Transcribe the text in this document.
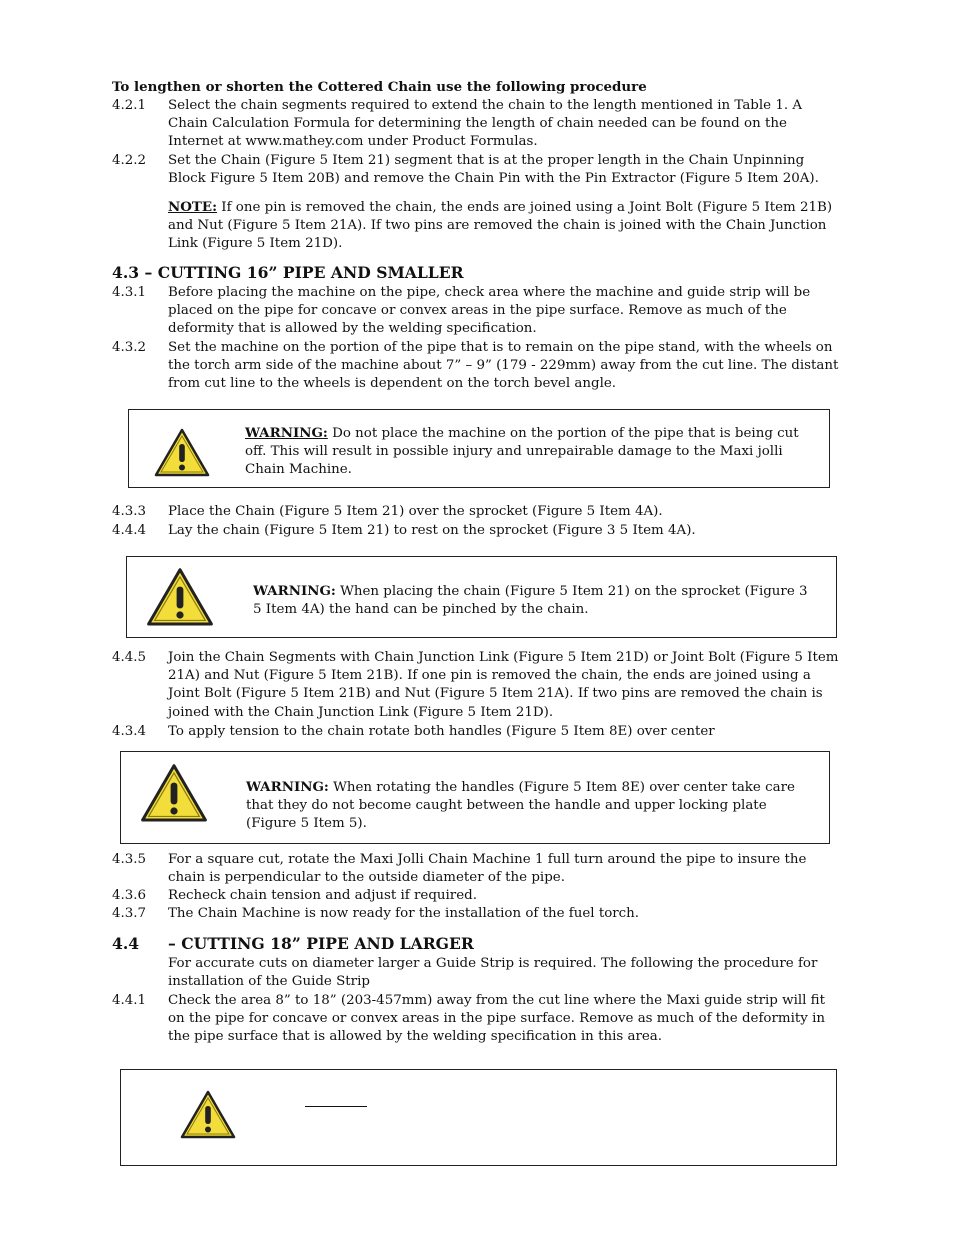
To lengthen or shorten the Cottered Chain use the following procedure
4.2.1	Select the chain segments required to extend the chain to the length mentioned in Table 1. A Chain Calculation Formula for determining the length of chain needed can be found on the Internet at www.mathey.com under Product Formulas.
4.2.2	Set the Chain (Figure 5 Item 21) segment that is at the proper length in the Chain Unpinning Block Figure 5 Item 20B) and remove the Chain Pin with the Pin Extractor (Figure 5 Item 20A).
NOTE: If one pin is removed the chain, the ends are joined using a Joint Bolt (Figure 5 Item 21B) and Nut (Figure 5 Item 21A). If two pins are removed the chain is joined with the Chain Junction Link (Figure 5 Item 21D).
4.3 – CUTTING 16” PIPE AND SMALLER
4.3.1	Before placing the machine on the pipe, check area where the machine and guide strip will be placed on the pipe for concave or convex areas in the pipe surface. Remove as much of the deformity that is allowed by the welding specification.
4.3.2	Set the machine on the portion of the pipe that is to remain on the pipe stand, with the wheels on the torch arm side of the machine about 7” – 9” (179 - 229mm) away from the cut line. The distant from cut line to the wheels is dependent on the torch bevel angle.
WARNING: Do not place the machine on the portion of the pipe that is being cut off. This will result in possible injury and unrepairable damage to the Maxi jolli Chain Machine.
4.3.3	Place the Chain (Figure 5 Item 21) over the sprocket (Figure 5 Item 4A).
4.4.4	Lay the chain (Figure 5 Item 21) to rest on the sprocket (Figure 3 5 Item 4A).
WARNING: When placing the chain (Figure 5 Item 21) on the sprocket (Figure 3 5 Item 4A) the hand can be pinched by the chain.
4.4.5	Join the Chain Segments with Chain Junction Link (Figure 5 Item 21D) or Joint Bolt (Figure 5 Item 21A) and Nut (Figure 5 Item 21B). If one pin is removed the chain, the ends are joined using a Joint Bolt (Figure 5 Item 21B) and Nut (Figure 5 Item 21A). If two pins are removed the chain is joined with the Chain Junction Link (Figure 5 Item 21D).
4.3.4	To apply tension to the chain rotate both handles (Figure 5 Item 8E) over center
WARNING: When rotating the handles (Figure 5 Item 8E) over center take care that they do not become caught between the handle and upper locking plate (Figure 5 Item 5).
4.3.5	For a square cut, rotate the Maxi Jolli Chain Machine 1 full turn around the pipe to insure the chain is perpendicular to the outside diameter of the pipe.
4.3.6	Recheck chain tension and adjust if required.
4.3.7	The Chain Machine is now ready for the installation of the fuel torch.
4.4 – CUTTING 18” PIPE AND LARGER
For accurate cuts on diameter larger a Guide Strip is required. The following the procedure for installation of the Guide Strip
4.4.1	Check the area 8” to 18” (203-457mm) away from the cut line where the Maxi guide strip will fit on the pipe for concave or convex areas in the pipe surface. Remove as much of the deformity in the pipe surface that is allowed by the welding specification in this area.
